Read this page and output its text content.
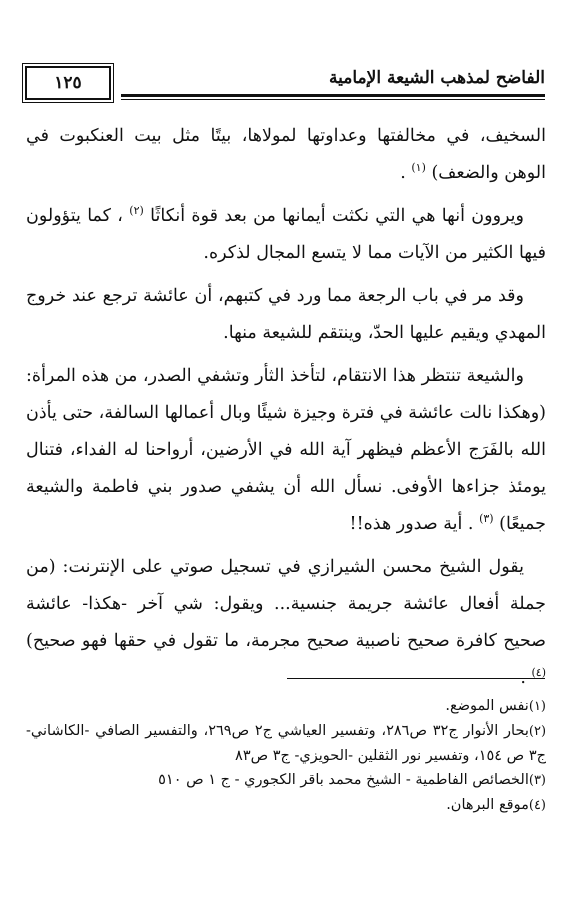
١٢٥	الفاضح لمذهب الشيعة الإمامية

السخيف، في مخالفتها وعداوتها لمولاها، بيتًا مثل بيت العنكبوت في الوهن والضعف) $^{(١)}$ .

ويروون أنها هي التي نكثت أيمانها من بعد قوة أنكاثًا $^{(٢)}$ ، كما يتؤولون فيها الكثير من الآيات مما لا يتسع المجال لذكره.

وقد مر في باب الرجعة مما ورد في كتبهم، أن عائشة ترجع عند خروج المهدي ويقيم عليها الحدّ، وينتقم للشيعة منها.

والشيعة تنتظر هذا الانتقام، لتأخذ الثأر وتشفي الصدر، من هذه المرأة: (وهكذا نالت عائشة في فترة وجيزة شيئًا وبال أعمالها السالفة، حتى يأذن الله بالفَرَج الأعظم فيظهر آية الله في الأرضين، أرواحنا له الفداء، فتنال يومئذ جزاءها الأوفى. نسأل الله أن يشفي صدور بني فاطمة والشيعة جميعًا) $^{(٣)}$ . أية صدور هذه!!

يقول الشيخ محسن الشيرازي في تسجيل صوتي على الإنترنت: (من جملة أفعال عائشة جريمة جنسية... ويقول: شي آخر -هكذا- عائشة صحيح كافرة صحيح ناصبية صحيح مجرمة، ما تقول في حقها فهو صحيح) $^{(٤)}$ .

(١)نفس الموضع.

(٢)بحار الأنوار ج٣٢ ص٢٨٦، وتفسير العياشي ج٢ ص٢٦٩، والتفسير الصافي -الكاشاني- ج٣ ص ١٥٤، وتفسير نور الثقلين -الحويزي- ج٣ ص٨٣

(٣)الخصائص الفاطمية - الشيخ محمد باقر الكجوري - ج ١ ص ٥١٠

(٤)موقع البرهان.
